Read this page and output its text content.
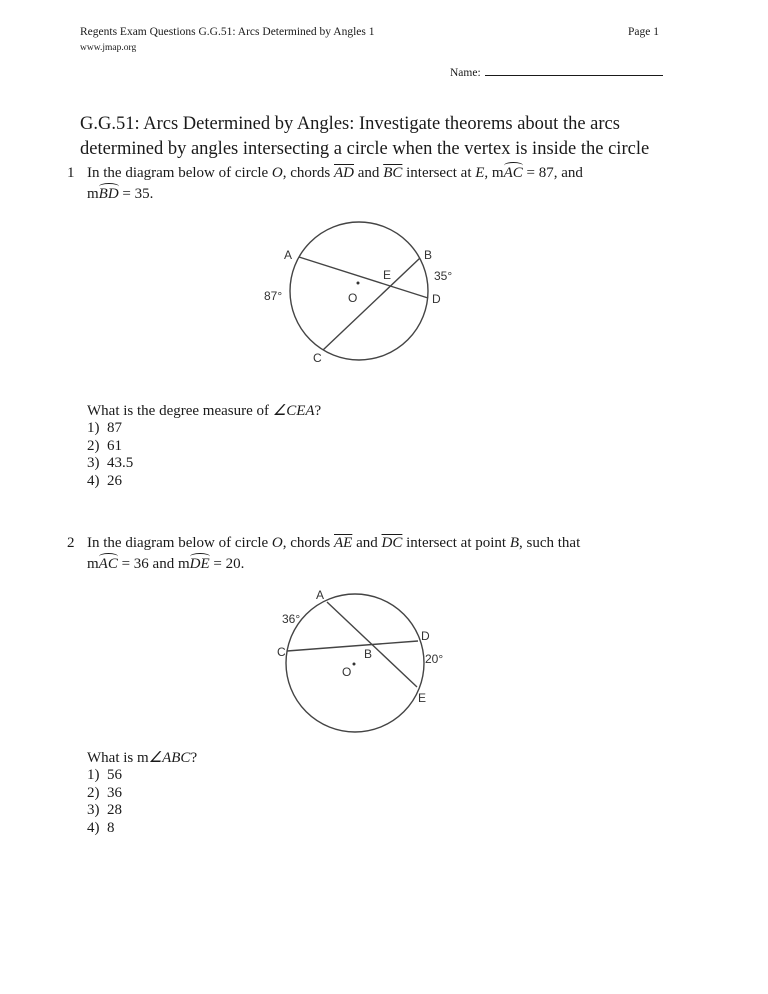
Regents Exam Questions G.G.51: Arcs Determined by Angles 1	Page 1
www.jmap.org
Name:
G.G.51: Arcs Determined by Angles: Investigate theorems about the arcs
determined by angles intersecting a circle when the vertex is inside the circle
1 In the diagram below of circle O, chords $\overline{AD}$ and $\overline{BC}$ intersect at E, mAC = 87, and
mBD = 35.
A	B
E
O	D
C
87°
35°
A
C	B
D
O
E
36°
20°
What is the degree measure of ∠CEA?
1) 87
2) 61
3) 43.5
4) 26
2 In the diagram below of circle O, chords $\overline{AE}$ and $\overline{DC}$ intersect at point B, such that
mAC = 36 and mDE = 20.
What is m∠ABC?
1) 56
2) 36
3) 28
4) 8
